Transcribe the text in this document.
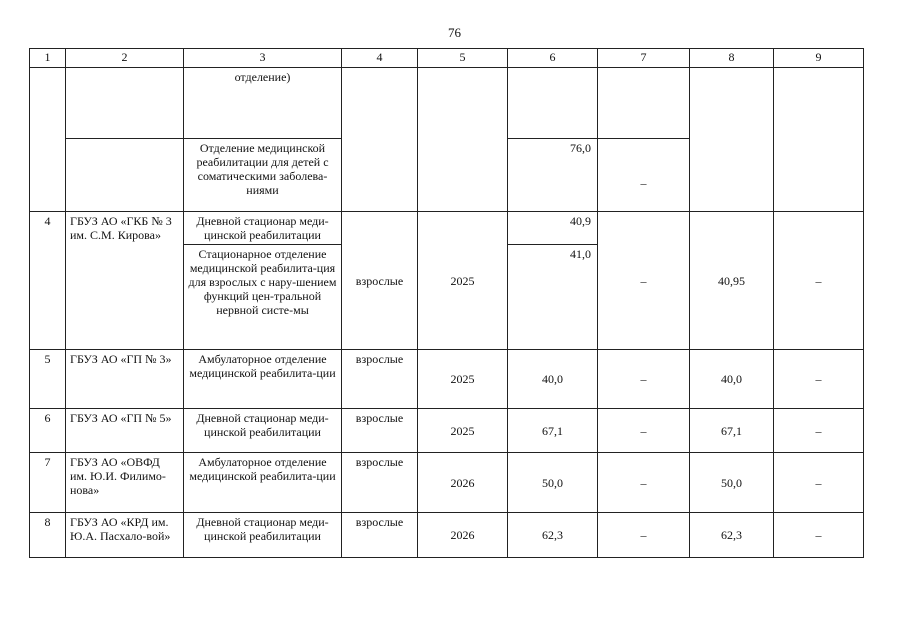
76
1	2	3	4	5	6	7	8	9
		отделение)						
		Отделение медицинской реабилитации для детей с соматическими заболева-ниями			76,0	–		
4	ГБУЗ АО «ГКБ № 3 им. С.М. Кирова»	Дневной стационар меди-цинской реабилитации	взрослые	2025	40,9	–	40,95	–
		Стационарное отделение медицинской реабилита-ция для взрослых с нару-шением функций цен-тральной нервной систе-мы			41,0			
5	ГБУЗ АО «ГП № 3»	Амбулаторное отделение медицинской реабилита-ции	взрослые	2025	40,0	–	40,0	–
6	ГБУЗ АО «ГП № 5»	Дневной стационар меди-цинской реабилитации	взрослые	2025	67,1	–	67,1	–
7	ГБУЗ АО «ОВФД им. Ю.И. Филимо-нова»	Амбулаторное отделение медицинской реабилита-ции	взрослые	2026	50,0	–	50,0	–
8	ГБУЗ АО «КРД им. Ю.А. Пасхало-вой»	Дневной стационар меди-цинской реабилитации	взрослые	2026	62,3	–	62,3	–
